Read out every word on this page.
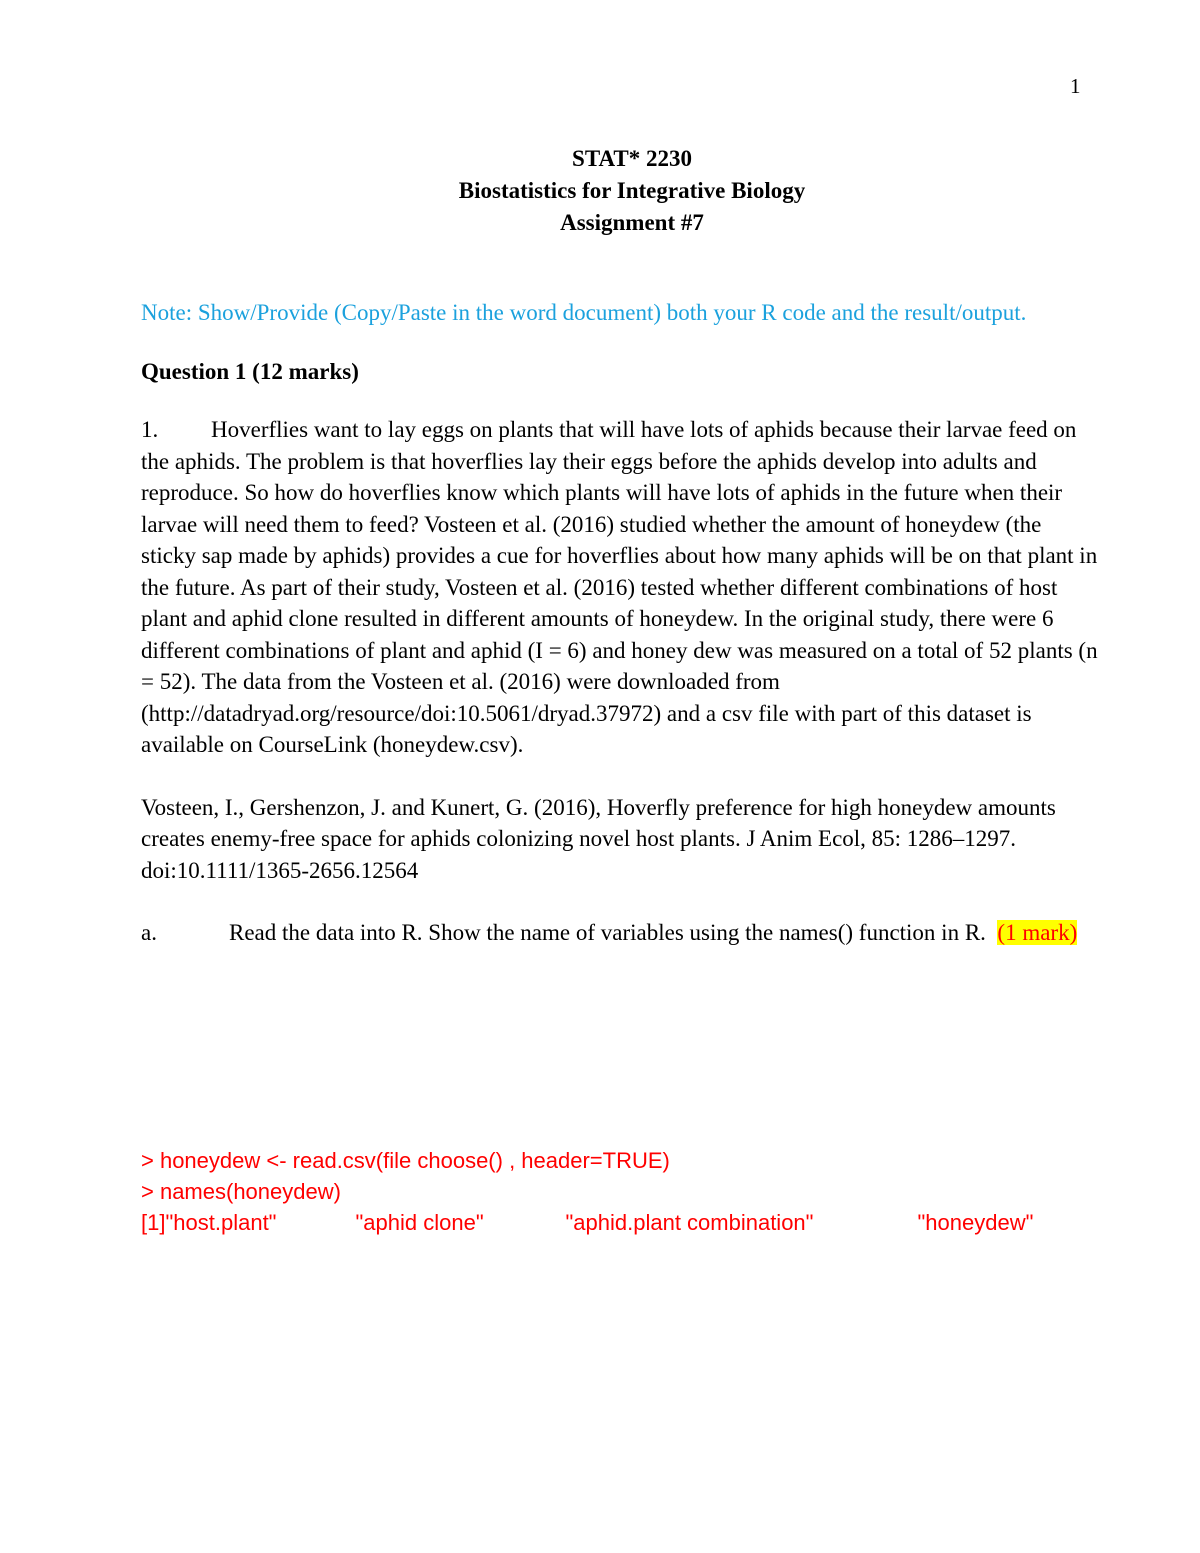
1
STAT* 2230
Biostatistics for Integrative Biology
Assignment #7

Note: Show/Provide (Copy/Paste in the word document) both your R code and the result/output.

Question 1 (12 marks)

1. Hoverflies want to lay eggs on plants that will have lots of aphids because their larvae feed on the aphids. The problem is that hoverflies lay their eggs before the aphids develop into adults and reproduce. So how do hoverflies know which plants will have lots of aphids in the future when their larvae will need them to feed? Vosteen et al. (2016) studied whether the amount of honeydew (the sticky sap made by aphids) provides a cue for hoverflies about how many aphids will be on that plant in the future. As part of their study, Vosteen et al. (2016) tested whether different combinations of host plant and aphid clone resulted in different amounts of honeydew. In the original study, there were 6 different combinations of plant and aphid (I = 6) and honey dew was measured on a total of 52 plants (n = 52). The data from the Vosteen et al. (2016) were downloaded from (http://datadryad.org/resource/doi:10.5061/dryad.37972) and a csv file with part of this dataset is available on CourseLink (honeydew.csv).

Vosteen, I., Gershenzon, J. and Kunert, G. (2016), Hoverfly preference for high honeydew amounts creates enemy-free space for aphids colonizing novel host plants. J Anim Ecol, 85: 1286–1297. doi:10.1111/1365-2656.12564

a.	Read the data into R. Show the name of variables using the names() function in R. (1 mark)

> honeydew <- read.csv(file choose() , header=TRUE)
> names(honeydew)
[1]"host.plant"	"aphid clone"	"aphid.plant combination"	"honeydew"
